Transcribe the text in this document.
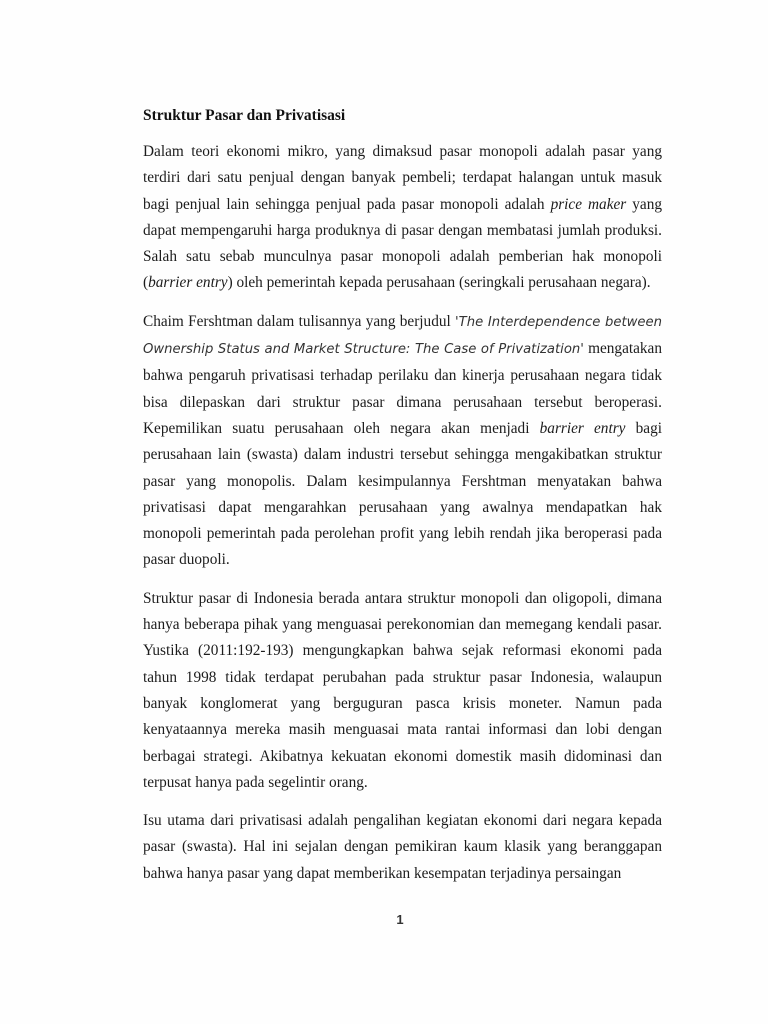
Struktur Pasar dan Privatisasi

Dalam teori ekonomi mikro, yang dimaksud pasar monopoli adalah pasar yang terdiri dari satu penjual dengan banyak pembeli; terdapat halangan untuk masuk bagi penjual lain sehingga penjual pada pasar monopoli adalah price maker yang dapat mempengaruhi harga produknya di pasar dengan membatasi jumlah produksi. Salah satu sebab munculnya pasar monopoli adalah pemberian hak monopoli (barrier entry) oleh pemerintah kepada perusahaan (seringkali perusahaan negara).

Chaim Fershtman dalam tulisannya yang berjudul 'The Interdependence between Ownership Status and Market Structure: The Case of Privatization' mengatakan bahwa pengaruh privatisasi terhadap perilaku dan kinerja perusahaan negara tidak bisa dilepaskan dari struktur pasar dimana perusahaan tersebut beroperasi. Kepemilikan suatu perusahaan oleh negara akan menjadi barrier entry bagi perusahaan lain (swasta) dalam industri tersebut sehingga mengakibatkan struktur pasar yang monopolis. Dalam kesimpulannya Fershtman menyatakan bahwa privatisasi dapat mengarahkan perusahaan yang awalnya mendapatkan hak monopoli pemerintah pada perolehan profit yang lebih rendah jika beroperasi pada pasar duopoli.

Struktur pasar di Indonesia berada antara struktur monopoli dan oligopoli, dimana hanya beberapa pihak yang menguasai perekonomian dan memegang kendali pasar. Yustika (2011:192-193) mengungkapkan bahwa sejak reformasi ekonomi pada tahun 1998 tidak terdapat perubahan pada struktur pasar Indonesia, walaupun banyak konglomerat yang berguguran pasca krisis moneter. Namun pada kenyataannya mereka masih menguasai mata rantai informasi dan lobi dengan berbagai strategi. Akibatnya kekuatan ekonomi domestik masih didominasi dan terpusat hanya pada segelintir orang.

Isu utama dari privatisasi adalah pengalihan kegiatan ekonomi dari negara kepada pasar (swasta). Hal ini sejalan dengan pemikiran kaum klasik yang beranggapan bahwa hanya pasar yang dapat memberikan kesempatan terjadinya persaingan

1
